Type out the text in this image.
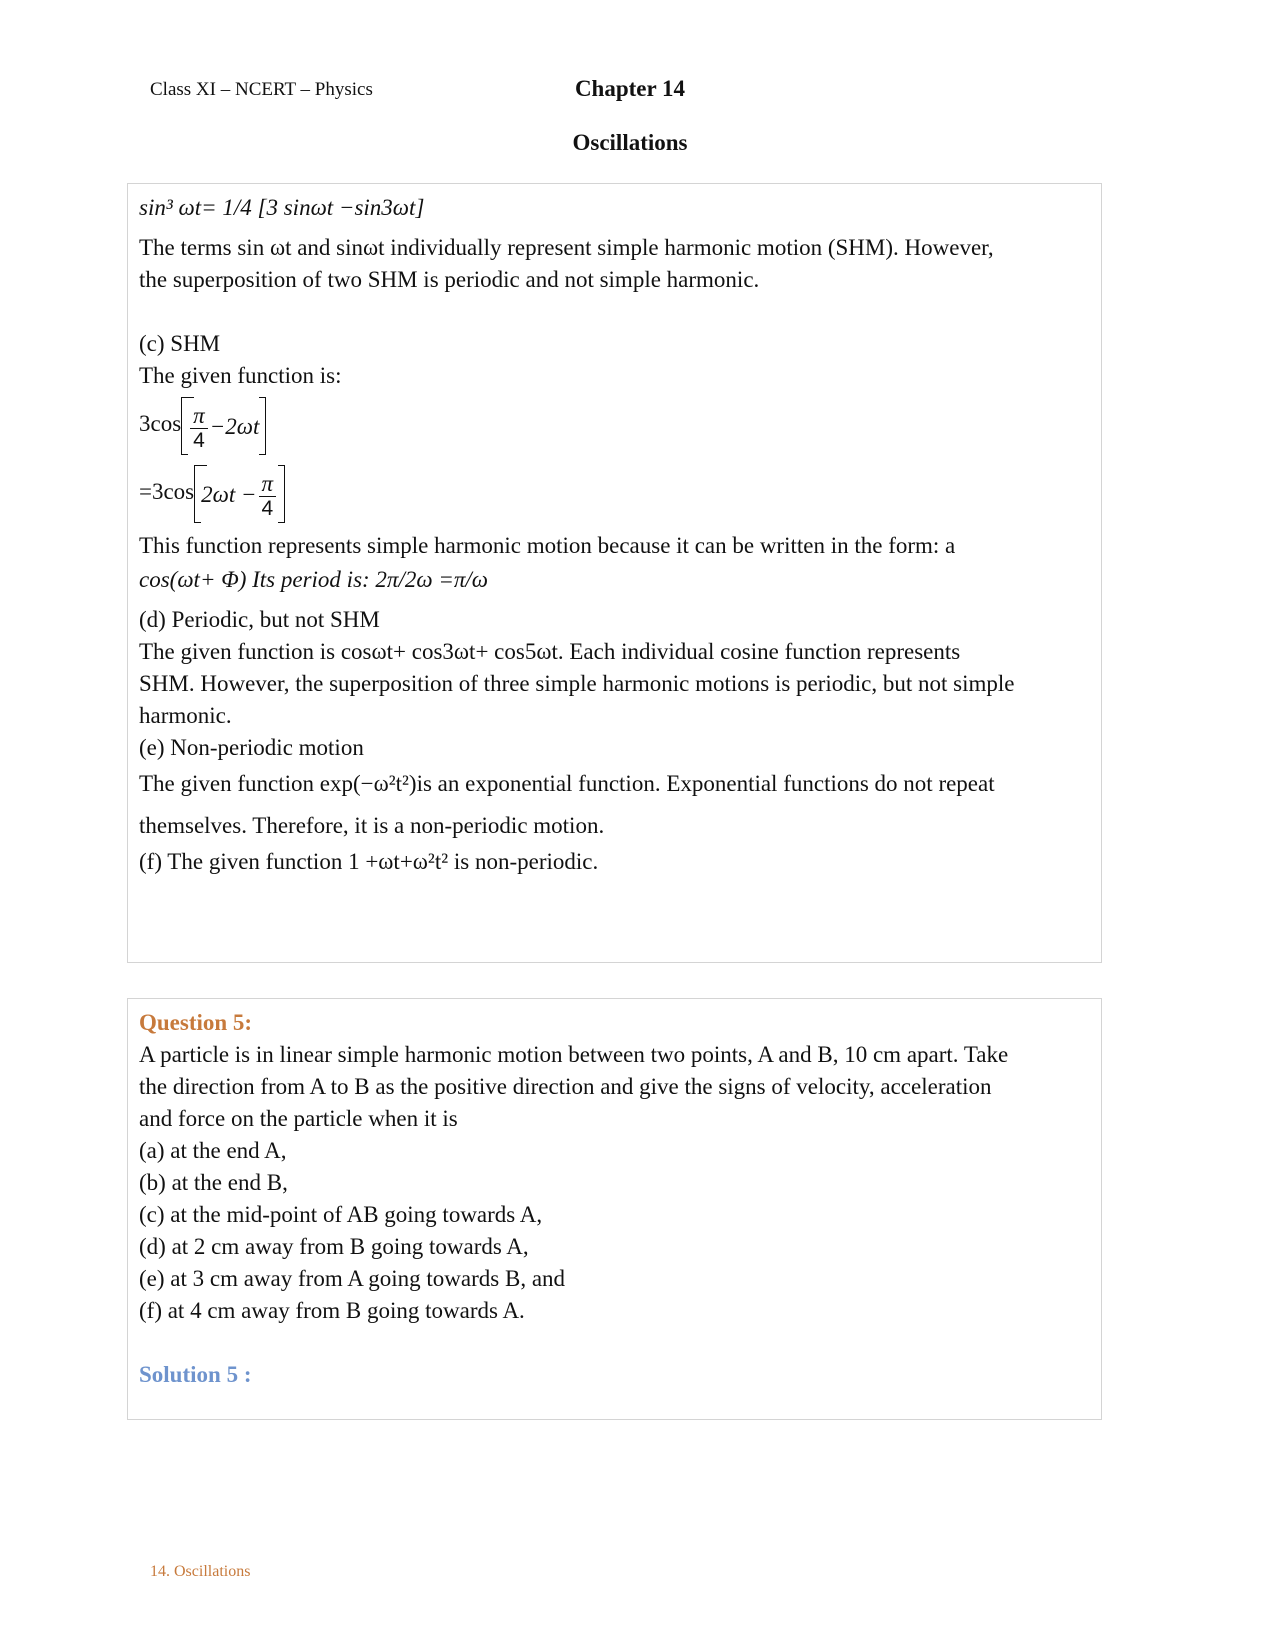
Class XI – NCERT – Physics	Chapter 14
Oscillations
sin³ ωt= 1/4 [3 sinωt −sin3ωt]
The terms sin ωt and sinωt individually represent simple harmonic motion (SHM). However,
the superposition of two SHM is periodic and not simple harmonic.
(c) SHM
The given function is:
$3\cos \frac{\pi}{4} -2\omega t$
=3cos $2\omega t - \frac{\pi}{4}$
This function represents simple harmonic motion because it can be written in the form: a
cos(ωt+ Φ) Its period is: 2π/2ω =π/ω
(d) Periodic, but not SHM
The given function is cosωt+ cos3ωt+ cos5ωt. Each individual cosine function represents
SHM. However, the superposition of three simple harmonic motions is periodic, but not simple
harmonic.
(e) Non-periodic motion
The given function exp(−ω²t²)is an exponential function. Exponential functions do not repeat
themselves. Therefore, it is a non-periodic motion.
(f) The given function 1 +ωt+ω²t² is non-periodic.
Question 5:
A particle is in linear simple harmonic motion between two points, A and B, 10 cm apart. Take
the direction from A to B as the positive direction and give the signs of velocity, acceleration
and force on the particle when it is
(a) at the end A,
(b) at the end B,
(c) at the mid-point of AB going towards A,
(d) at 2 cm away from B going towards A,
(e) at 3 cm away from A going towards B, and
(f) at 4 cm away from B going towards A.
Solution 5 :
14. Oscillations
